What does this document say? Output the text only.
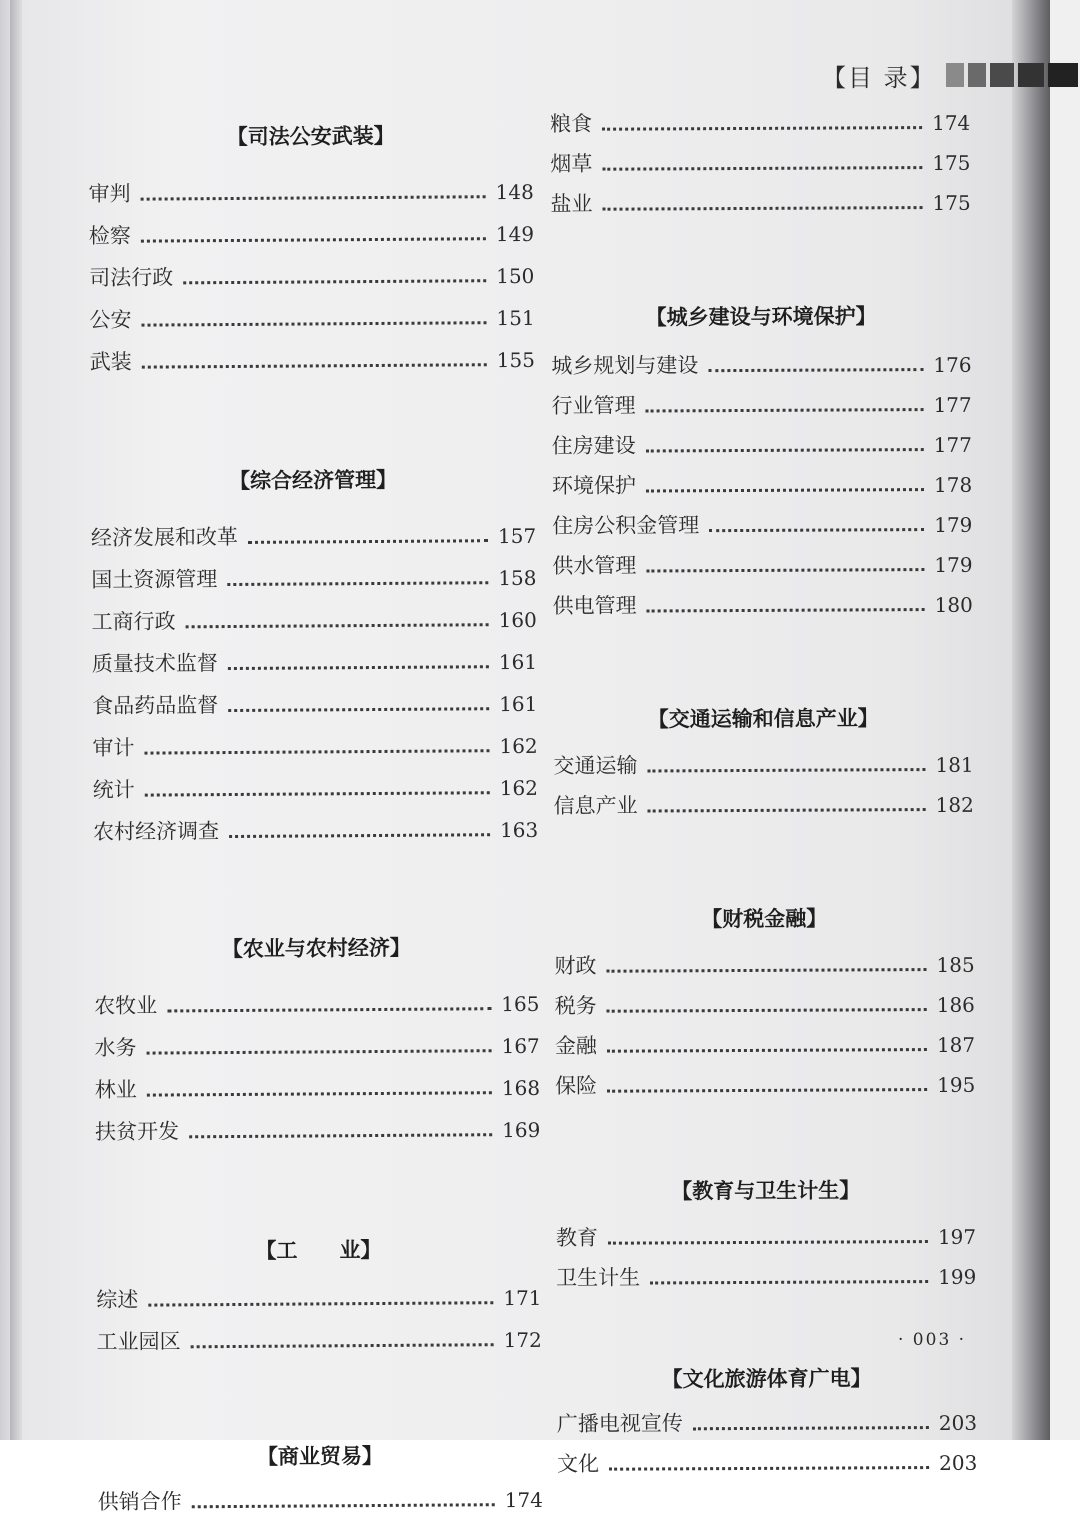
【目 录】
【司法公安武装】
审判	148
检察	149
司法行政	150
公安	151
武装	155
【综合经济管理】
经济发展和改革	157
国土资源管理	158
工商行政	160
质量技术监督	161
食品药品监督	161
审计	162
统计	162
农村经济调查	163
【农业与农村经济】
农牧业	165
水务	167
林业	168
扶贫开发	169
【工　　业】
综述	171
工业园区	172
【商业贸易】
供销合作	174
粮食	174
烟草	175
盐业	175
【城乡建设与环境保护】
城乡规划与建设	176
行业管理	177
住房建设	177
环境保护	178
住房公积金管理	179
供水管理	179
供电管理	180
【交通运输和信息产业】
交通运输	181
信息产业	182
【财税金融】
财政	185
税务	186
金融	187
保险	195
【教育与卫生计生】
教育	197
卫生计生	199
【文化旅游体育广电】
广播电视宣传	203
文化	203
· 003 ·
